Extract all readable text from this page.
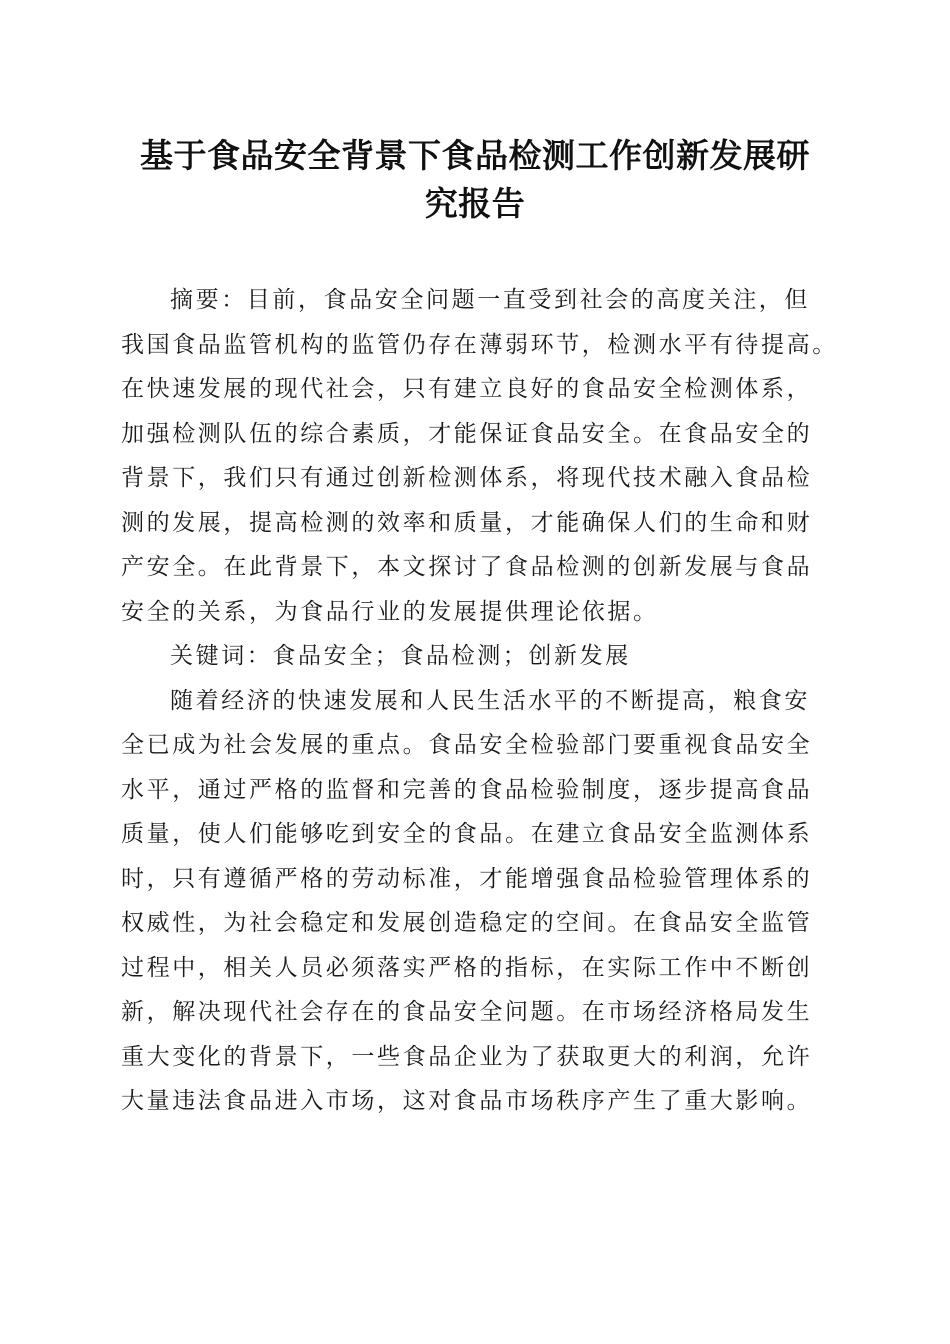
基于食品安全背景下食品检测工作创新发展研
究报告
摘要：目前，食品安全问题一直受到社会的高度关注，但
我国食品监管机构的监管仍存在薄弱环节，检测水平有待提高。
在快速发展的现代社会，只有建立良好的食品安全检测体系，
加强检测队伍的综合素质，才能保证食品安全。在食品安全的
背景下，我们只有通过创新检测体系，将现代技术融入食品检
测的发展，提高检测的效率和质量，才能确保人们的生命和财
产安全。在此背景下，本文探讨了食品检测的创新发展与食品
安全的关系，为食品行业的发展提供理论依据。
关键词：食品安全；食品检测；创新发展
随着经济的快速发展和人民生活水平的不断提高，粮食安
全已成为社会发展的重点。食品安全检验部门要重视食品安全
水平，通过严格的监督和完善的食品检验制度，逐步提高食品
质量，使人们能够吃到安全的食品。在建立食品安全监测体系
时，只有遵循严格的劳动标准，才能增强食品检验管理体系的
权威性，为社会稳定和发展创造稳定的空间。在食品安全监管
过程中，相关人员必须落实严格的指标，在实际工作中不断创
新，解决现代社会存在的食品安全问题。在市场经济格局发生
重大变化的背景下，一些食品企业为了获取更大的利润，允许
大量违法食品进入市场，这对食品市场秩序产生了重大影响。
